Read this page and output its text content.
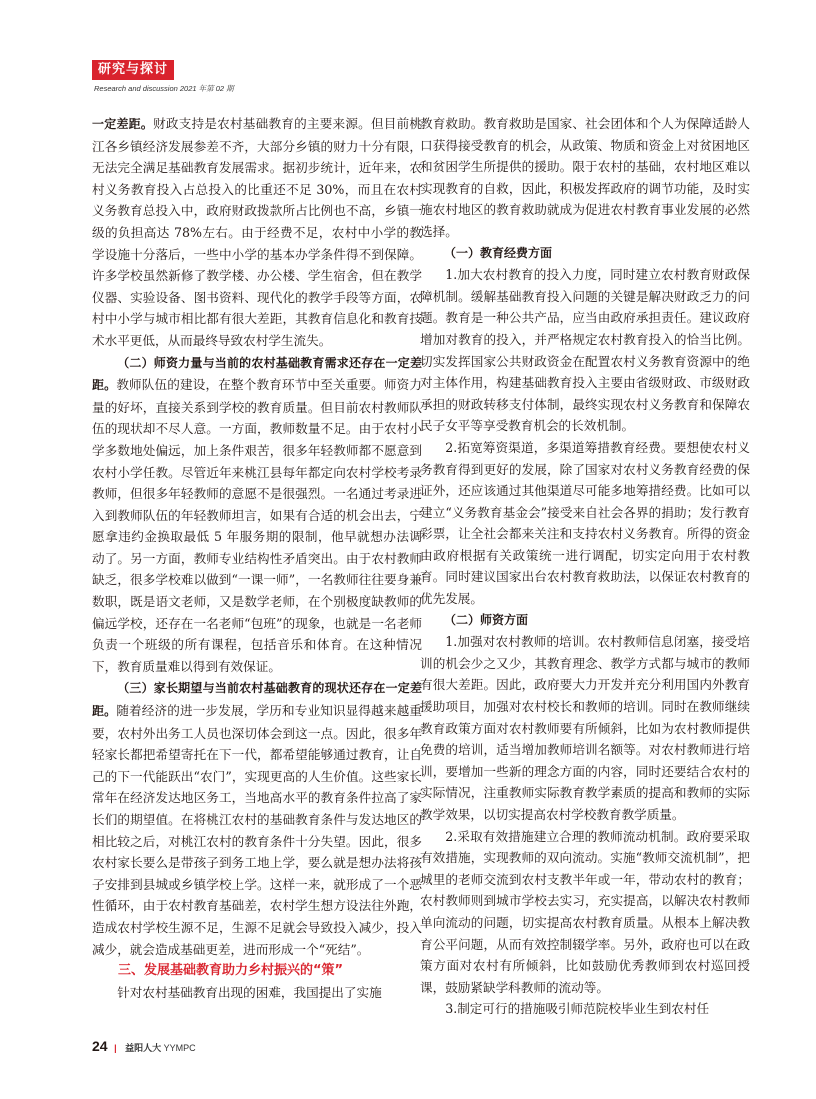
研究与探讨
Research and discussion 2021 年第 02 期

一定差距。财政支持是农村基础教育的主要来源。但目前桃江各乡镇经济发展参差不齐，大部分乡镇的财力十分有限，无法完全满足基础教育发展需求。据初步统计，近年来，农村义务教育投入占总投入的比重还不足 30%，而且在农村义务教育总投入中，政府财政拨款所占比例也不高，乡镇一级的负担高达 78%左右。由于经费不足，农村中小学的教学设施十分落后，一些中小学的基本办学条件得不到保障。许多学校虽然新修了教学楼、办公楼、学生宿舍，但在教学仪器、实验设备、图书资料、现代化的教学手段等方面，农村中小学与城市相比都有很大差距，其教育信息化和教育技术水平更低，从而最终导致农村学生流失。

（二）师资力量与当前的农村基础教育需求还存在一定差距。教师队伍的建设，在整个教育环节中至关重要。师资力量的好坏，直接关系到学校的教育质量。但目前农村教师队伍的现状却不尽人意。一方面，教师数量不足。由于农村小学多数地处偏远，加上条件艰苦，很多年轻教师都不愿意到农村小学任教。尽管近年来桃江县每年都定向农村学校考录教师，但很多年轻教师的意愿不是很强烈。一名通过考录进入到教师队伍的年轻教师坦言，如果有合适的机会出去，宁愿拿违约金换取最低 5 年服务期的限制，他早就想办法调动了。另一方面，教师专业结构性矛盾突出。由于农村教师缺乏，很多学校难以做到“一课一师”，一名教师往往要身兼数职，既是语文老师，又是数学老师，在个别极度缺教师的偏远学校，还存在一名老师“包班”的现象，也就是一名老师负责一个班级的所有课程，包括音乐和体育。在这种情况下，教育质量难以得到有效保证。

（三）家长期望与当前农村基础教育的现状还存在一定差距。随着经济的进一步发展，学历和专业知识显得越来越重要，农村外出务工人员也深切体会到这一点。因此，很多年轻家长都把希望寄托在下一代，都希望能够通过教育，让自己的下一代能跃出“农门”，实现更高的人生价值。这些家长常年在经济发达地区务工，当地高水平的教育条件拉高了家长们的期望值。在将桃江农村的基础教育条件与发达地区的相比较之后，对桃江农村的教育条件十分失望。因此，很多农村家长要么是带孩子到务工地上学，要么就是想办法将孩子安排到县城或乡镇学校上学。这样一来，就形成了一个恶性循环，由于农村教育基础差，农村学生想方设法往外跑，造成农村学校生源不足，生源不足就会导致投入减少，投入减少，就会造成基础更差，进而形成一个“死结”。

三、发展基础教育助力乡村振兴的“策”

针对农村基础教育出现的困难，我国提出了实施

教育救助。教育救助是国家、社会团体和个人为保障适龄人口获得接受教育的机会，从政策、物质和资金上对贫困地区和贫困学生所提供的援助。限于农村的基础，农村地区难以实现教育的自救，因此，积极发挥政府的调节功能，及时实施农村地区的教育救助就成为促进农村教育事业发展的必然选择。

（一）教育经费方面

1.加大农村教育的投入力度，同时建立农村教育财政保障机制。缓解基础教育投入问题的关键是解决财政乏力的问题。教育是一种公共产品，应当由政府承担责任。建议政府增加对教育的投入，并严格规定农村教育投入的恰当比例。切实发挥国家公共财政资金在配置农村义务教育资源中的绝对主体作用，构建基础教育投入主要由省级财政、市级财政承担的财政转移支付体制，最终实现农村义务教育和保障农民子女平等享受教育机会的长效机制。

2.拓宽筹资渠道，多渠道筹措教育经费。要想使农村义务教育得到更好的发展，除了国家对农村义务教育经费的保证外，还应该通过其他渠道尽可能多地筹措经费。比如可以建立“义务教育基金会”接受来自社会各界的捐助；发行教育彩票，让全社会都来关注和支持农村义务教育。所得的资金由政府根据有关政策统一进行调配，切实定向用于农村教育。同时建议国家出台农村教育救助法，以保证农村教育的优先发展。

（二）师资方面

1.加强对农村教师的培训。农村教师信息闭塞，接受培训的机会少之又少，其教育理念、教学方式都与城市的教师有很大差距。因此，政府要大力开发并充分利用国内外教育援助项目，加强对农村校长和教师的培训。同时在教师继续教育政策方面对农村教师要有所倾斜，比如为农村教师提供免费的培训，适当增加教师培训名额等。对农村教师进行培训，要增加一些新的理念方面的内容，同时还要结合农村的实际情况，注重教师实际教育教学素质的提高和教师的实际教学效果，以切实提高农村学校教育教学质量。

2.采取有效措施建立合理的教师流动机制。政府要采取有效措施，实现教师的双向流动。实施“教师交流机制”，把城里的老师交流到农村支教半年或一年，带动农村的教育；农村教师则到城市学校去实习，充实提高，以解决农村教师单向流动的问题，切实提高农村教育质量。从根本上解决教育公平问题，从而有效控制辍学率。另外，政府也可以在政策方面对农村有所倾斜，比如鼓励优秀教师到农村巡回授课，鼓励紧缺学科教师的流动等。

3.制定可行的措施吸引师范院校毕业生到农村任

24 | 益阳人大 YYMPC
